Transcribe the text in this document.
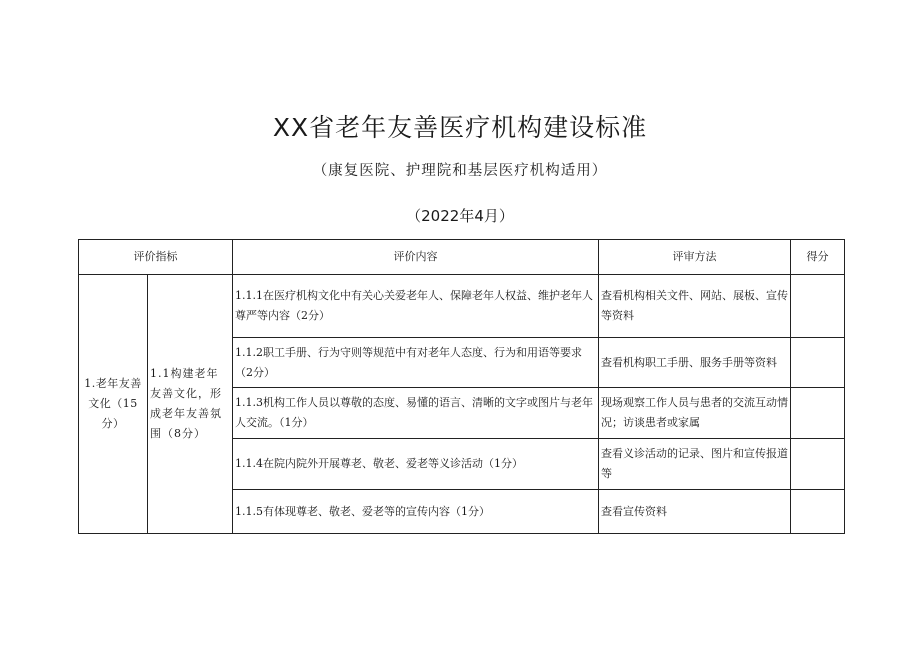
XX省老年友善医疗机构建设标准
（康复医院、护理院和基层医疗机构适用）
（2022年4月）
评价指标		评价内容	评审方法	得分
1.老年友善文化（15分）	1.1构建老年友善文化，形成老年友善氛围（8分）	1.1.1在医疗机构文化中有关心关爱老年人、保障老年人权益、维护老年人尊严等内容（2分）	查看机构相关文件、网站、展板、宣传等资料	
		1.1.2职工手册、行为守则等规范中有对老年人态度、行为和用语等要求（2分）	查看机构职工手册、服务手册等资料	
		1.1.3机构工作人员以尊敬的态度、易懂的语言、清晰的文字或图片与老年人交流。（1分）	现场观察工作人员与患者的交流互动情况；访谈患者或家属	
		1.1.4在院内院外开展尊老、敬老、爱老等义诊活动（1分）	查看义诊活动的记录、图片和宣传报道等	
		1.1.5有体现尊老、敬老、爱老等的宣传内容（1分）	查看宣传资料	
